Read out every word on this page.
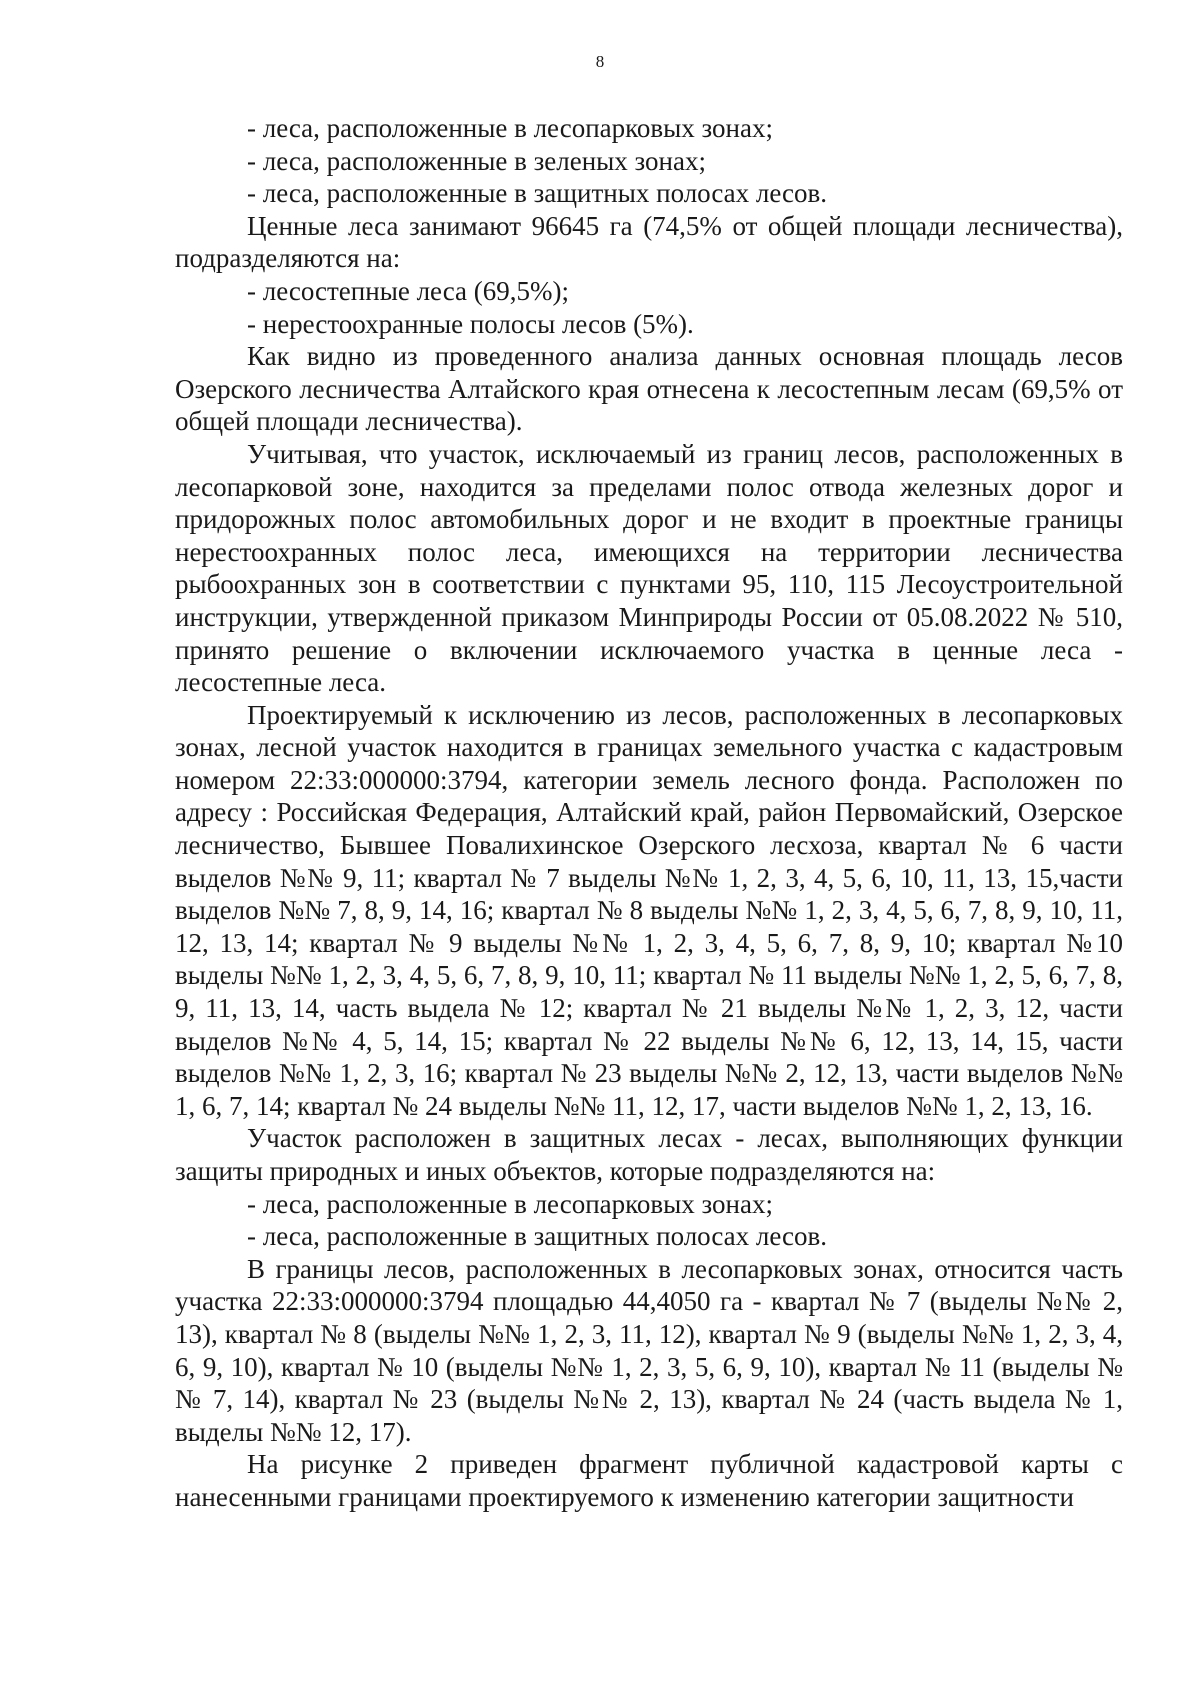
8

- леса, расположенные в лесопарковых зонах;

- леса, расположенные в зеленых зонах;

- леса, расположенные в защитных полосах лесов.

Ценные леса занимают 96645 га (74,5% от общей площади лесничества), подразделяются на:

- лесостепные леса (69,5%);

- нерестоохранные полосы лесов (5%).

Как видно из проведенного анализа данных основная площадь лесов Озерского лесничества Алтайского края отнесена к лесостепным лесам (69,5% от общей площади лесничества).

Учитывая, что участок, исключаемый из границ лесов, расположенных в лесопарковой зоне, находится за пределами полос отвода железных дорог и придорожных полос автомобильных дорог и не входит в проектные границы нерестоохранных полос леса, имеющихся на территории лесничества рыбоохранных зон в соответствии с пунктами 95, 110, 115 Лесоустроительной инструкции, утвержденной приказом Минприроды России от 05.08.2022 № 510, принято решение о включении исключаемого участка в ценные леса - лесостепные леса.

Проектируемый к исключению из лесов, расположенных в лесопарковых зонах, лесной участок находится в границах земельного участка с кадастровым номером 22:33:000000:3794, категории земель лесного фонда. Расположен по адресу : Российская Федерация, Алтайский край, район Первомайский, Озерское лесничество, Бывшее Повалихинское Озерского лесхоза, квартал № 6 части выделов №№ 9, 11; квартал № 7 выделы №№ 1, 2, 3, 4, 5, 6, 10, 11, 13, 15,части выделов №№ 7, 8, 9, 14, 16; квартал № 8 выделы №№ 1, 2, 3, 4, 5, 6, 7, 8, 9, 10, 11, 12, 13, 14; квартал № 9 выделы №№ 1, 2, 3, 4, 5, 6, 7, 8, 9, 10; квартал №10 выделы №№ 1, 2, 3, 4, 5, 6, 7, 8, 9, 10, 11; квартал № 11 выделы №№ 1, 2, 5, 6, 7, 8, 9, 11, 13, 14, часть выдела № 12; квартал № 21 выделы №№ 1, 2, 3, 12, части выделов №№ 4, 5, 14, 15; квартал № 22 выделы №№ 6, 12, 13, 14, 15, части выделов №№ 1, 2, 3, 16; квартал № 23 выделы №№ 2, 12, 13, части выделов №№ 1, 6, 7, 14; квартал № 24 выделы №№ 11, 12, 17, части выделов №№ 1, 2, 13, 16.

Участок расположен в защитных лесах - лесах, выполняющих функции защиты природных и иных объектов, которые подразделяются на:

- леса, расположенные в лесопарковых зонах;

- леса, расположенные в защитных полосах лесов.

В границы лесов, расположенных в лесопарковых зонах, относится часть участка 22:33:000000:3794 площадью 44,4050 га - квартал № 7 (выделы №№ 2, 13), квартал № 8 (выделы №№ 1, 2, 3, 11, 12), квартал № 9 (выделы №№ 1, 2, 3, 4, 6, 9, 10), квартал № 10 (выделы №№ 1, 2, 3, 5, 6, 9, 10), квартал № 11 (выделы №№ 7, 14), квартал № 23 (выделы №№ 2, 13), квартал № 24 (часть выдела № 1, выделы №№ 12, 17).

На рисунке 2 приведен фрагмент публичной кадастровой карты с нанесенными границами проектируемого к изменению категории защитности
